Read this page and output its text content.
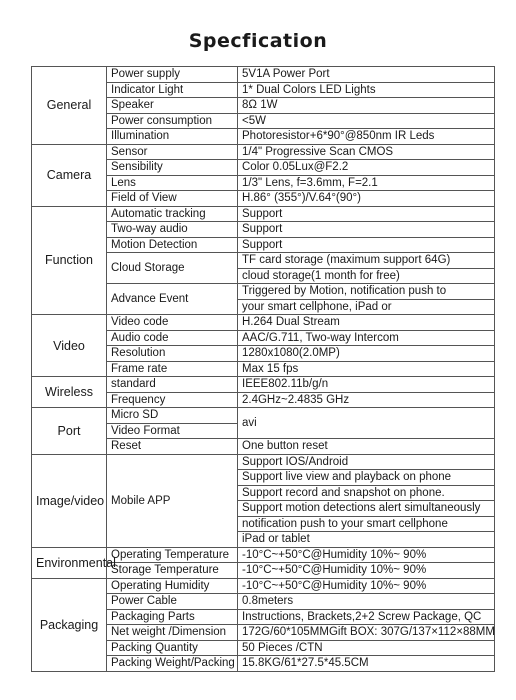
Specfication
General	Power supply	5V1A Power Port
	Indicator Light	1* Dual Colors LED Lights
	Speaker	8Ω 1W
	Power consumption	<5W
	Illumination	Photoresistor+6*90°@850nm IR Leds
Camera	Sensor	1/4" Progressive Scan CMOS
	Sensibility	Color 0.05Lux@F2.2
	Lens	1/3" Lens, f=3.6mm, F=2.1
	Field of View	H.86° (355°)/V.64°(90°)
Function	Automatic tracking	Support
	Two-way audio	Support
	Motion Detection	Support
	Cloud Storage	TF card storage (maximum support 64G)
		cloud storage(1 month for free)
	Advance Event	Triggered by Motion, notification push to
		your smart cellphone, iPad or
Video	Video code	H.264 Dual Stream
	Audio code	AAC/G.711, Two-way Intercom
	Resolution	1280x1080(2.0MP)
	Frame rate	Max 15 fps
Wireless	standard	IEEE802.11b/g/n
	Frequency	2.4GHz~2.4835 GHz
Port	Micro SD	avi
	Video Format	
	Reset	One button reset
Image/video	Mobile APP	Support IOS/Android
		Support live view and playback on phone
		Support record and snapshot on phone.
		Support motion detections alert simultaneously
		notification push to your smart cellphone
		iPad or tablet
Environmental	Operating Temperature	-10°C~+50°C@Humidity 10%~ 90%
	Storage Temperature	-10°C~+50°C@Humidity 10%~ 90%
Packaging	Operating Humidity	-10°C~+50°C@Humidity 10%~ 90%
	Power Cable	0.8meters
	Packaging Parts	Instructions, Brackets,2+2 Screw Package, QC
	Net weight /Dimension	172G/60*105MMGift BOX: 307G/137×112×88MM
	Packing Quantity	50 Pieces /CTN
	Packing Weight/Packing	15.8KG/61*27.5*45.5CM
